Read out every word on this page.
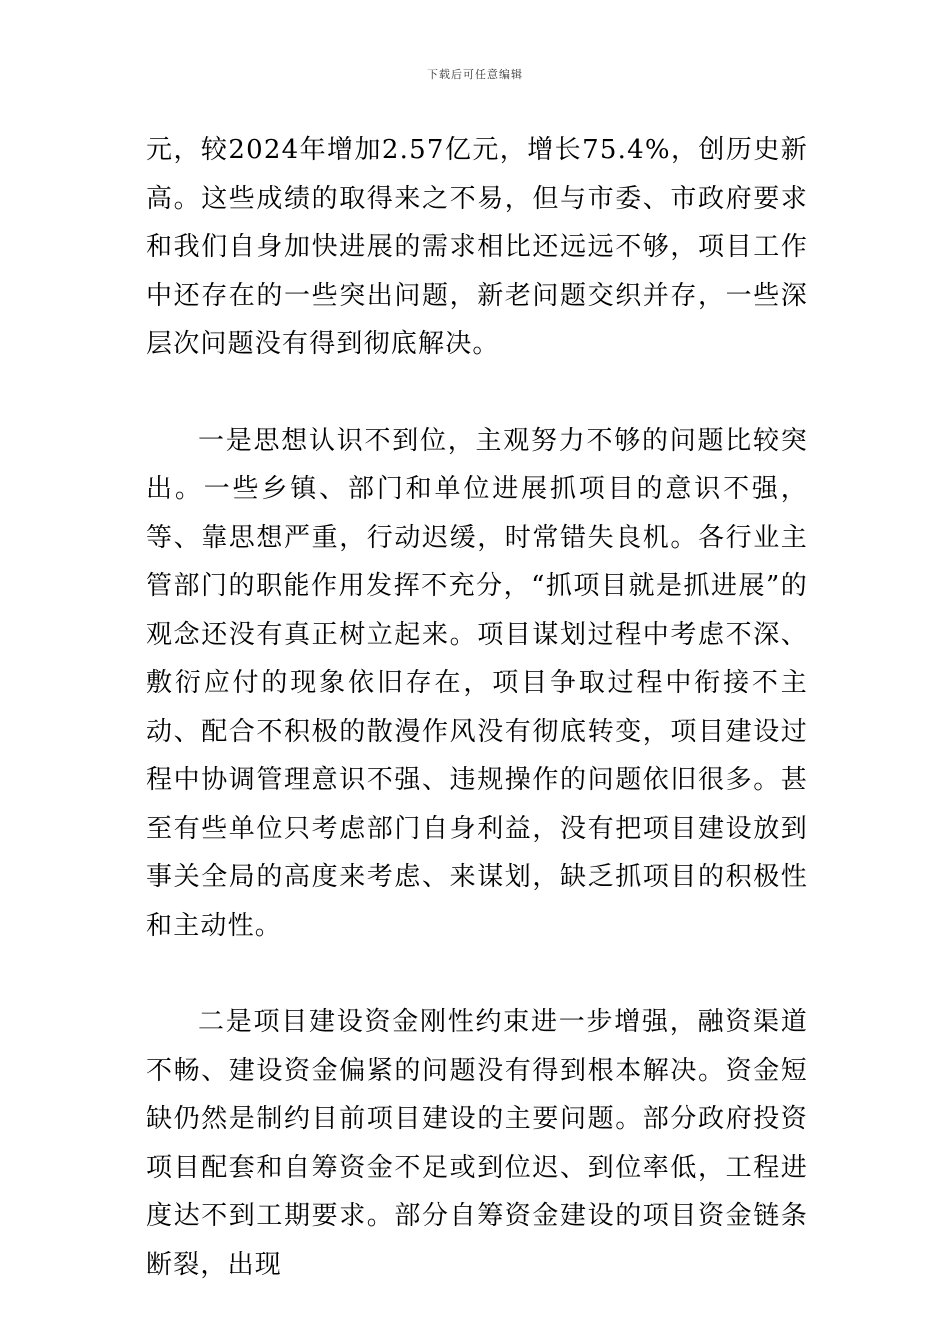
下载后可任意编辑

元，较2024年增加2.57亿元，增长75.4%，创历史新高。这些成绩的取得来之不易，但与市委、市政府要求和我们自身加快进展的需求相比还远远不够，项目工作中还存在的一些突出问题，新老问题交织并存，一些深层次问题没有得到彻底解决。

一是思想认识不到位，主观努力不够的问题比较突出。一些乡镇、部门和单位进展抓项目的意识不强，等、靠思想严重，行动迟缓，时常错失良机。各行业主管部门的职能作用发挥不充分，“抓项目就是抓进展”的观念还没有真正树立起来。项目谋划过程中考虑不深、敷衍应付的现象依旧存在，项目争取过程中衔接不主动、配合不积极的散漫作风没有彻底转变，项目建设过程中协调管理意识不强、违规操作的问题依旧很多。甚至有些单位只考虑部门自身利益，没有把项目建设放到事关全局的高度来考虑、来谋划，缺乏抓项目的积极性和主动性。

二是项目建设资金刚性约束进一步增强，融资渠道不畅、建设资金偏紧的问题没有得到根本解决。资金短缺仍然是制约目前项目建设的主要问题。部分政府投资项目配套和自筹资金不足或到位迟、到位率低，工程进度达不到工期要求。部分自筹资金建设的项目资金链条断裂，出现
